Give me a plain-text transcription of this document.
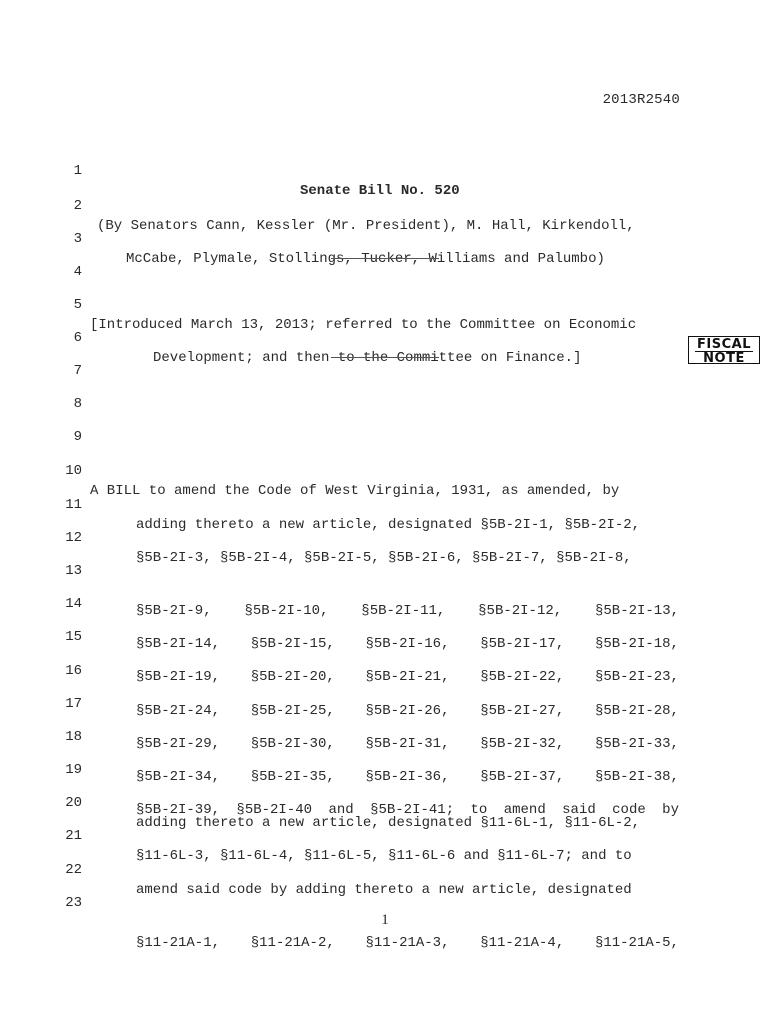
2013R2540

1

Senate Bill No. 520

2

(By Senators Cann, Kessler (Mr. President), M. Hall, Kirkendoll,

3

McCabe, Plymale, Stollings, Tucker, Williams and Palumbo)

4

5

[Introduced March 13, 2013; referred to the Committee on Economic

6

Development; and then to the Committee on Finance.]

7

FISCAL
NOTE

8

9

10

A BILL to amend the Code of West Virginia, 1931, as amended, by

11

adding thereto a new article, designated §5B-2I-1, §5B-2I-2,

12

§5B-2I-3, §5B-2I-4, §5B-2I-5, §5B-2I-6, §5B-2I-7, §5B-2I-8,

13

§5B-2I-9, §5B-2I-10, §5B-2I-11, §5B-2I-12, §5B-2I-13,

14

§5B-2I-14, §5B-2I-15, §5B-2I-16, §5B-2I-17, §5B-2I-18,

15

§5B-2I-19, §5B-2I-20, §5B-2I-21, §5B-2I-22, §5B-2I-23,

16

§5B-2I-24, §5B-2I-25, §5B-2I-26, §5B-2I-27, §5B-2I-28,

17

§5B-2I-29, §5B-2I-30, §5B-2I-31, §5B-2I-32, §5B-2I-33,

18

§5B-2I-34, §5B-2I-35, §5B-2I-36, §5B-2I-37, §5B-2I-38,

19

§5B-2I-39, §5B-2I-40 and §5B-2I-41; to amend said code by

20

adding thereto a new article, designated §11-6L-1, §11-6L-2,

21

§11-6L-3, §11-6L-4, §11-6L-5, §11-6L-6 and §11-6L-7; and to

22

amend said code by adding thereto a new article, designated

23

§11-21A-1, §11-21A-2, §11-21A-3, §11-21A-4, §11-21A-5,

1
